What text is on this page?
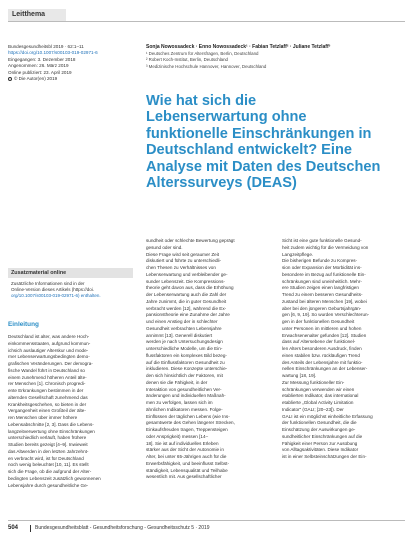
Leitthema
Bundesgesundheitsbl 2019 · 62:1–11
https://doi.org/10.1007/s00103-019-02971-6
Eingegangen: 3. Dezember 2018
Angenommen: 26. März 2019
Online publiziert: 23. April 2019
© Die Autor(en) 2019
Sonja Nowossadeck · Enno Nowossadeck¹ · Fabian Tetzlaff² · Juliane Tetzlaff³
¹ Deutsches Zentrum für Altersfragen, Berlin, Deutschland
² Robert Koch-Institut, Berlin, Deutschland
³ Medizinische Hochschule Hannover, Hannover, Deutschland
Wie hat sich die
Lebenserwartung ohne
funktionelle Einschränkungen in
Deutschland entwickelt? Eine
Analyse mit Daten des Deutschen
Alterssurveys (DEAS)
Zusatzmaterial online
Zusätzliche Informationen sind in der
Online-Version dieses Artikels (https://doi.
org/10.1007/s00103-019-02971-6) enthalten.
Einleitung

Deutschland ist alter, was andere Hoch-

einkommensstaaten, aufgrund kommun-

ichsich auslautiger Alterskur und mode-

rner Lebenserwartungsbedingten demo-

grafischen Veränderungen. Der demogra-

fische Wandel führt in Deutschland so

einem zunehmend höheren Anteil älte-

rer Menschen [1]. Chronisch progredi-

ente Erkrankungen bestimmen in der

alternden Gesellschaft zunehmend das

Krankheitsgeschehen, so bieten in der

Vergangenheit einen Großteil der älte-

ren Menschen über immer höhere

Lebensabschnitte [2, 3]. Dass die Lebens-

langzeitverwertung ohne Einschränkungen

unterschiedlich verläuft, haben frühere

Studien bereits gezeigt [4–9]. Inwieweit

das Altwerden in den letzten Jahrzehnt-

en verbracht wird, ist für Deutschland

noch wenig beleuchtet [10, 11]. Es stellt

sich die Frage, ob die aufgrund der Alter-

bedingten Lebenszeit zusätzlich gewonnenen

Lebensjahre durch gesundheitliche Ge-

sundheit oder schlechte Bewertung geprägt

gesund oder sind.

Diese Frage wird seit geraumer Zeit

diskutiert und führte zu unterschiedli-

chen Thesen zu Verhältnisses von

Lebenserwartung und verbleibender ge-

sunder Lebenszeit. Die Kompressions-

theorie geht davon aus, dass die Erhöhung

der Lebenserwartung auch die Zahl der

Jahre zunimmt, die in guter Gesundheit

verbracht werden [12], während die Ex-

pansionstheorie eine Zunahme der Jahre

und einen Anstieg der in schlechter

Gesundheit verbrachten Lebensjahre

annimmt [13]. Generell diskutiert

werden je nach Untersuchungsdesign

unterschiedliche Modelle, um die Ein-

flussfaktoren ein komplexes Bild bezeg-

auf die Einflussfaktoren Gesundheit zu

inkludieren. Diese Konzepte unterschie-

den sich hinsichtlich der Faktoren, mit

denen sie die Fähigkeit, in der

Interaktion von gesundheitlichen Ver-

änderungen und individuellen Maßnah-

men zu verfolgen, lassen sich im

ähnlichen Indikatoren messen. Folge-

Einflüssen der täglichen Lebens (wie Ins-

gesamtwerte des Gehen längerer Strecken,

Einkaufsfreuden tragen, Treppensteigen

oder Ansprigkeit) messen [14–

18]. Sie ist auf individuelles Erleben

stärker aus der Sicht der Autonomie in

Alter, bei unter 65-Jährigen auch für die

Erwerbsfähigkeit, und beeinflusst Selbst-

ständigkeit, Lebensqualität und Teilhabe

wesentlich mit. Aus gesellschaftlicher

Sicht ist eine gute funktionelle Gesund-

heit zudem wichtig für die Vermeidung von

Langzeitpflege.

Die bisherigen Befunde zu Kompres-

sion oder Expansion der Morbidität ins-

besondere im Bezug auf funktionelle Ein-

schränkungen sind uneinheitlich. Mehr-

ere Studien zeigen einen langfristigen

Trend zu einem besseren Gesundheits-

zustand bei älteren Menschen [19], wobei

aber bei den jüngeren Geburtsjahrgän-

gen [6, 9, 19]. So wurden Verschlechterun-

gen in der funktionellen Gesundheit

unter Personen im mittleren und hohen

Erwachsenenalter gefunden [12]. Studien

dass auf Altersebene der funktionel-

len Alters besonderen Ausdruck, finden

einen stabilen bzw. rückläufigen Trend

des Anteils der Lebensjahre mit funktio-

nellen Einschränkungen an der Lebenser-

wartung [18, 19].

Zur Messung funktioneller Ein-

schränkungen verwenden wir einen

etablierten Indikator, das international

etablierte „Global Activity Limitation

Indicator“ (GALI; [20–23]). Der

GALI ist ein möglichst einheitliche Erfassung

der funktionellen Gesundheit, die die

Einschätzung der Auswirkungen ge-

sundheitlicher Einschränkungen auf die

Fähigkeit einer Person zur Ausübung

von Alltagsaktivitäten. Diese Indikator

ist in einer Selbsteinschätzungen der Ein-

504	Bundesgesundheitsblatt - Gesundheitsforschung - Gesundheitsschutz 5 · 2019
